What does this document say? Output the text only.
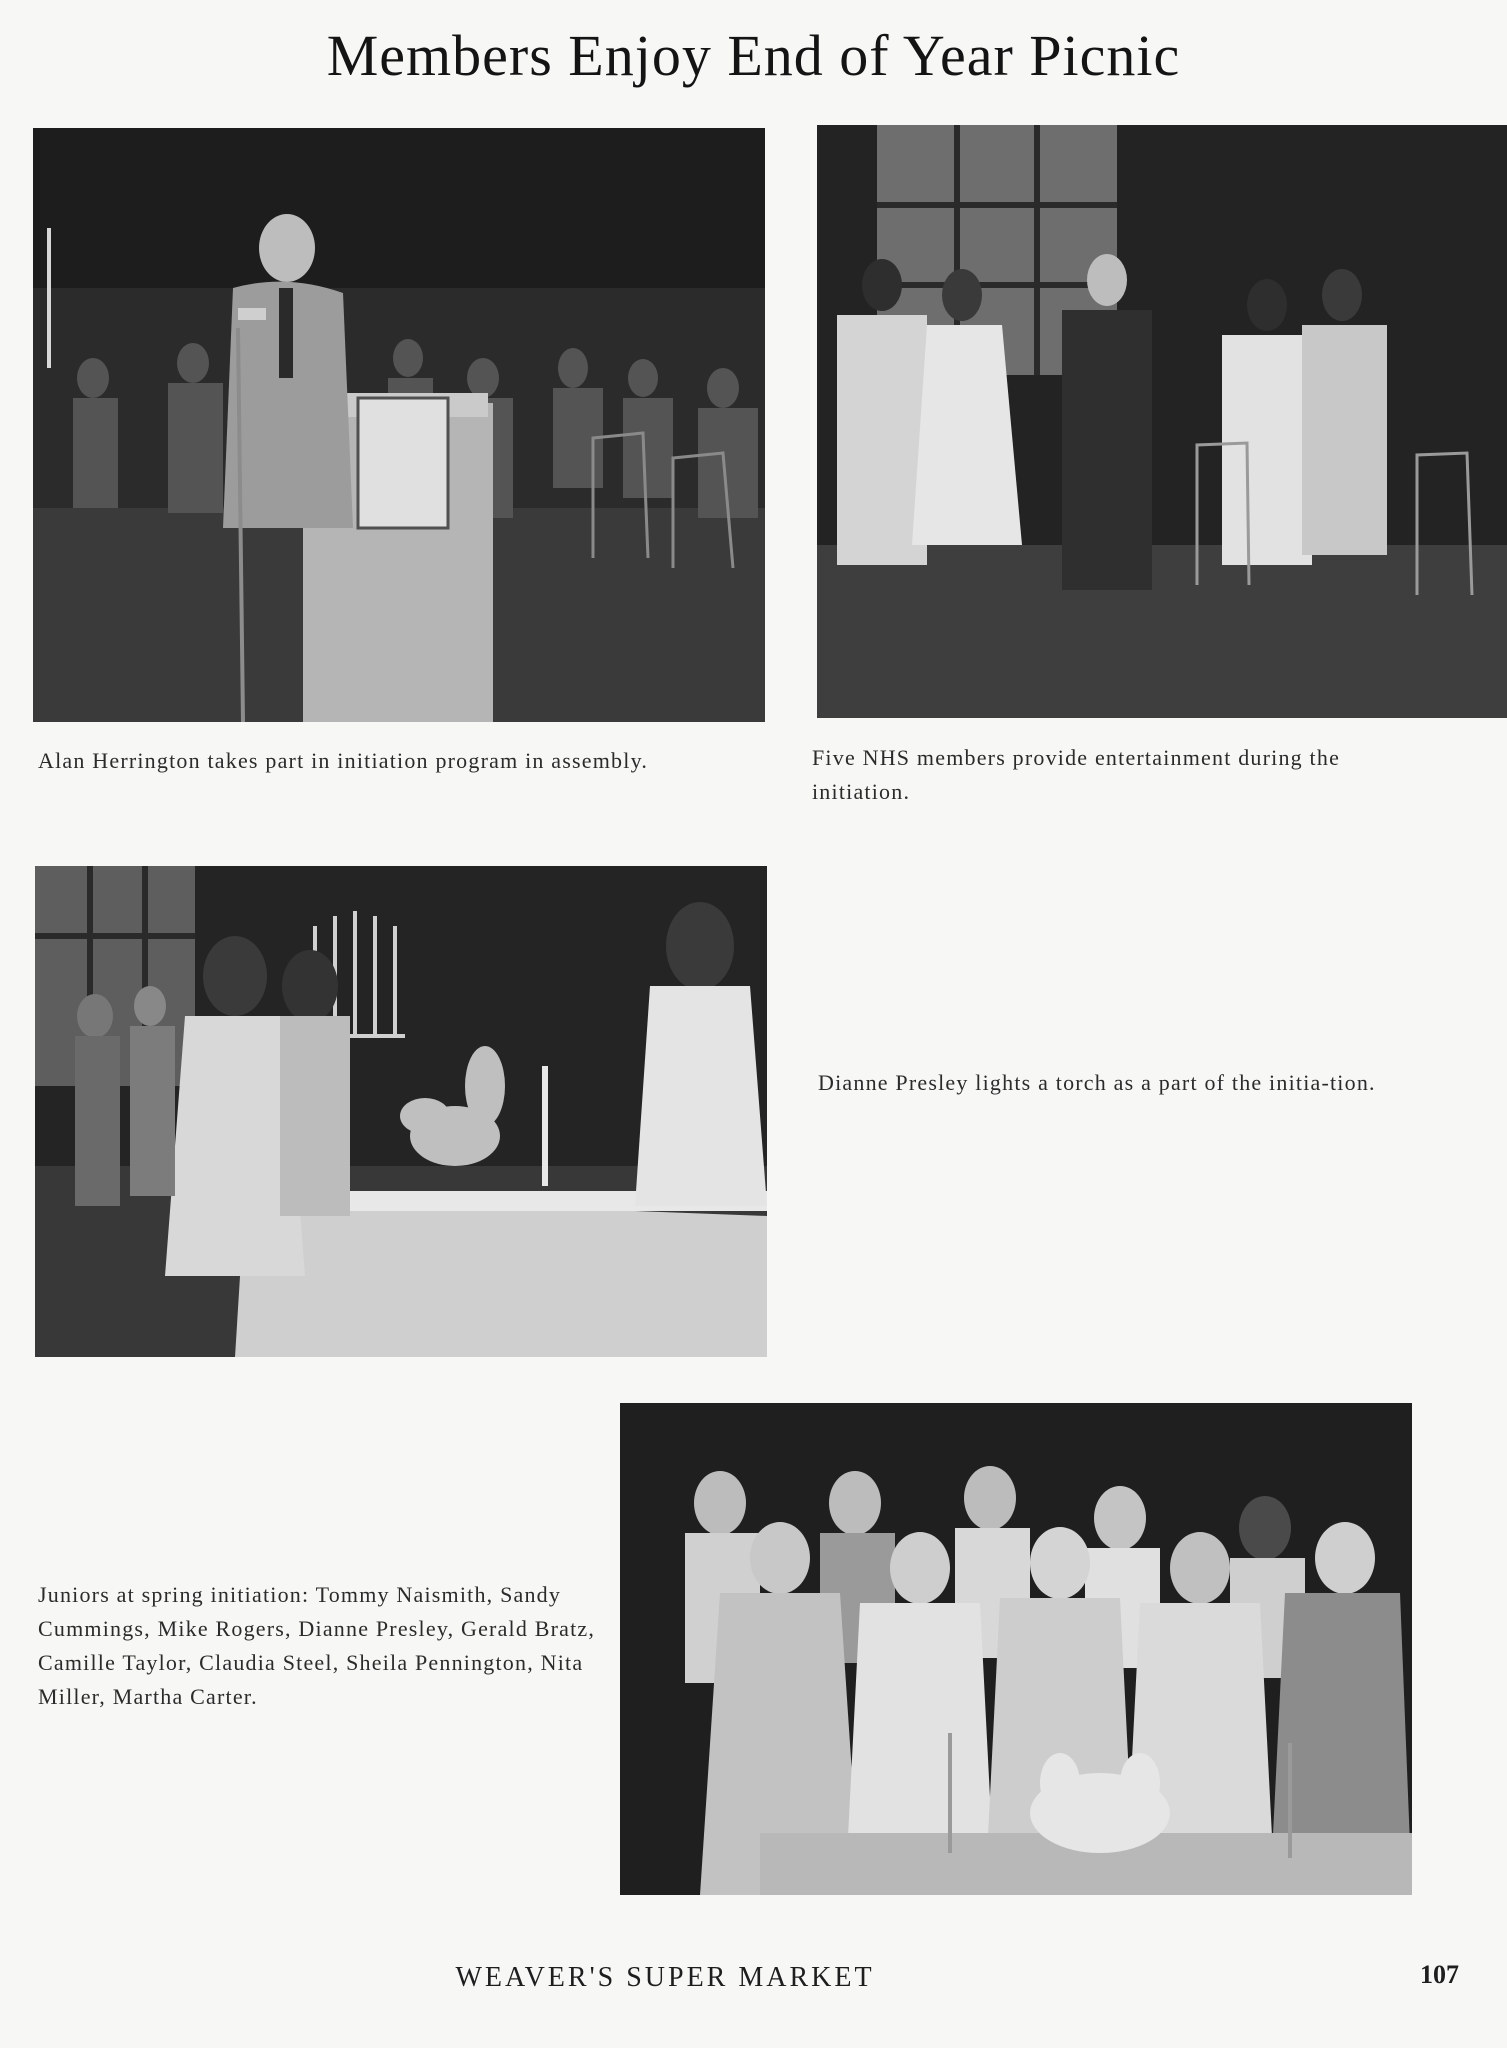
Members Enjoy End of Year Picnic

Alan Herrington takes part in initiation program in assembly.	Five NHS members provide entertainment during the initiation.

Dianne Presley lights a torch as a part of the initia-tion.

Juniors at spring initiation: Tommy Naismith, Sandy Cummings, Mike Rogers, Dianne Presley, Gerald Bratz, Camille Taylor, Claudia Steel, Sheila Pennington, Nita Miller, Martha Carter.

WEAVER'S SUPER MARKET	107
